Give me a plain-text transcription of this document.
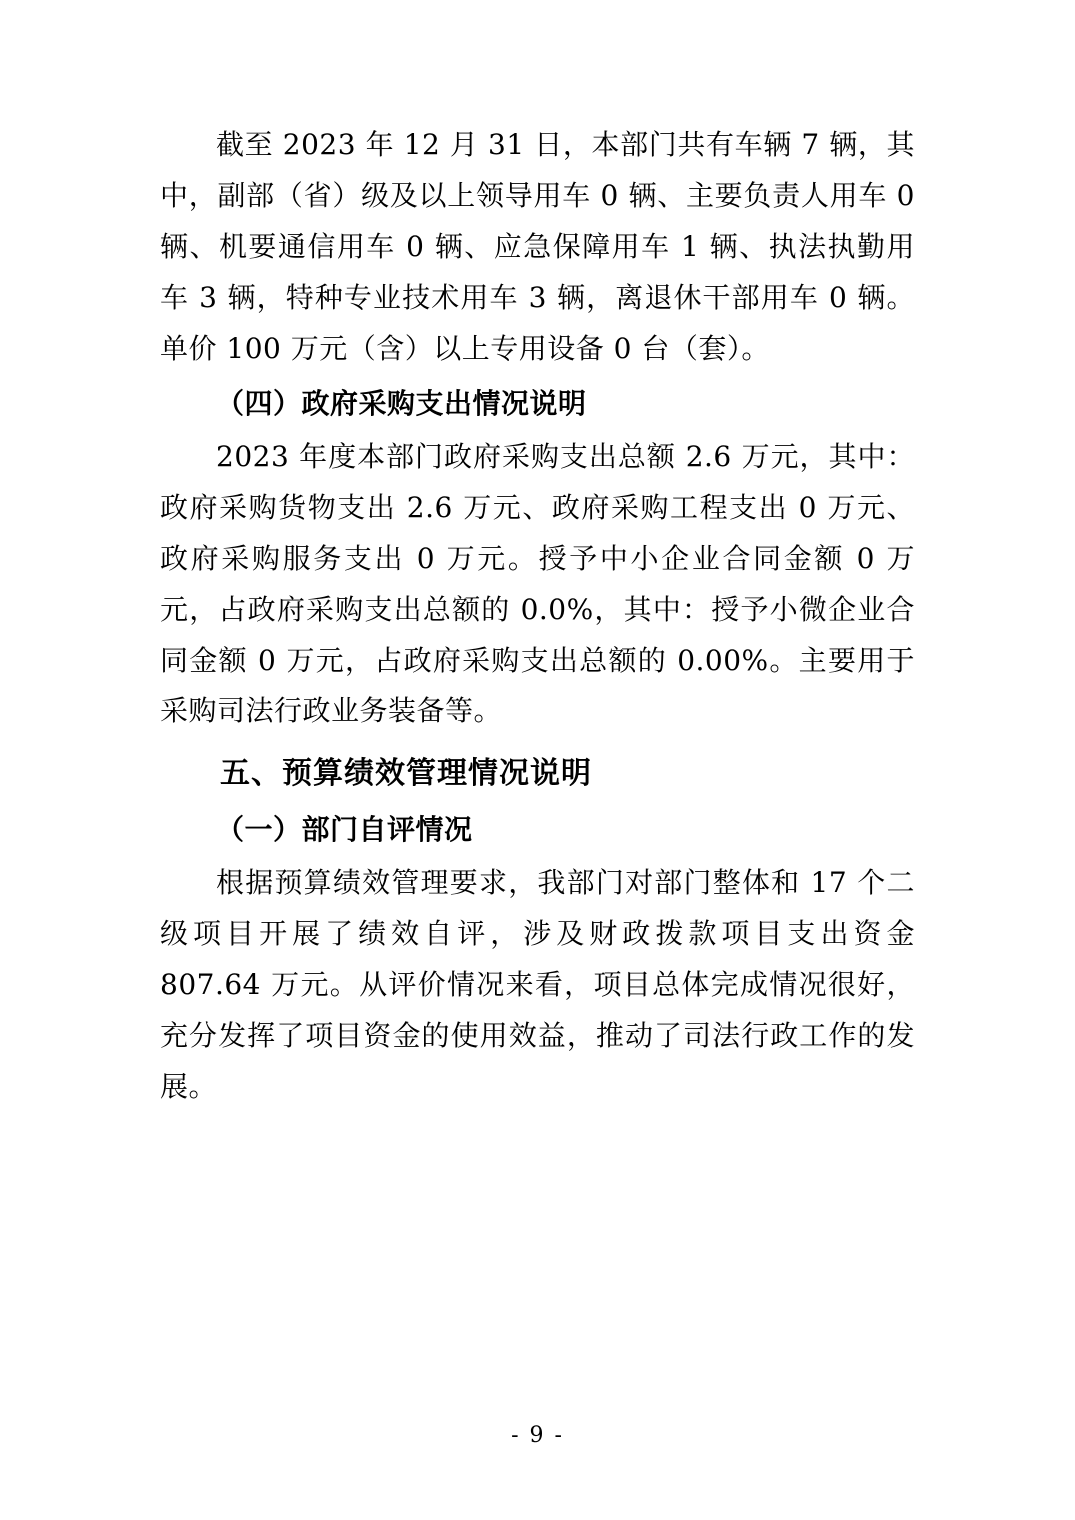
截至 2023 年 12 月 31 日，本部门共有车辆 7 辆，其中，副部（省）级及以上领导用车 0 辆、主要负责人用车 0 辆、机要通信用车 0 辆、应急保障用车 1 辆、执法执勤用车 3 辆，特种专业技术用车 3 辆，离退休干部用车 0 辆。单价 100 万元（含）以上专用设备 0 台（套）。

（四）政府采购支出情况说明

2023 年度本部门政府采购支出总额 2.6 万元，其中：政府采购货物支出 2.6 万元、政府采购工程支出 0 万元、政府采购服务支出 0 万元。授予中小企业合同金额 0 万元，占政府采购支出总额的 0.0%，其中：授予小微企业合同金额 0 万元，占政府采购支出总额的 0.00%。主要用于采购司法行政业务装备等。

五、预算绩效管理情况说明

（一）部门自评情况

根据预算绩效管理要求，我部门对部门整体和 17 个二级项目开展了绩效自评，涉及财政拨款项目支出资金 807.64 万元。从评价情况来看，项目总体完成情况很好，充分发挥了项目资金的使用效益，推动了司法行政工作的发展。

- 9 -
